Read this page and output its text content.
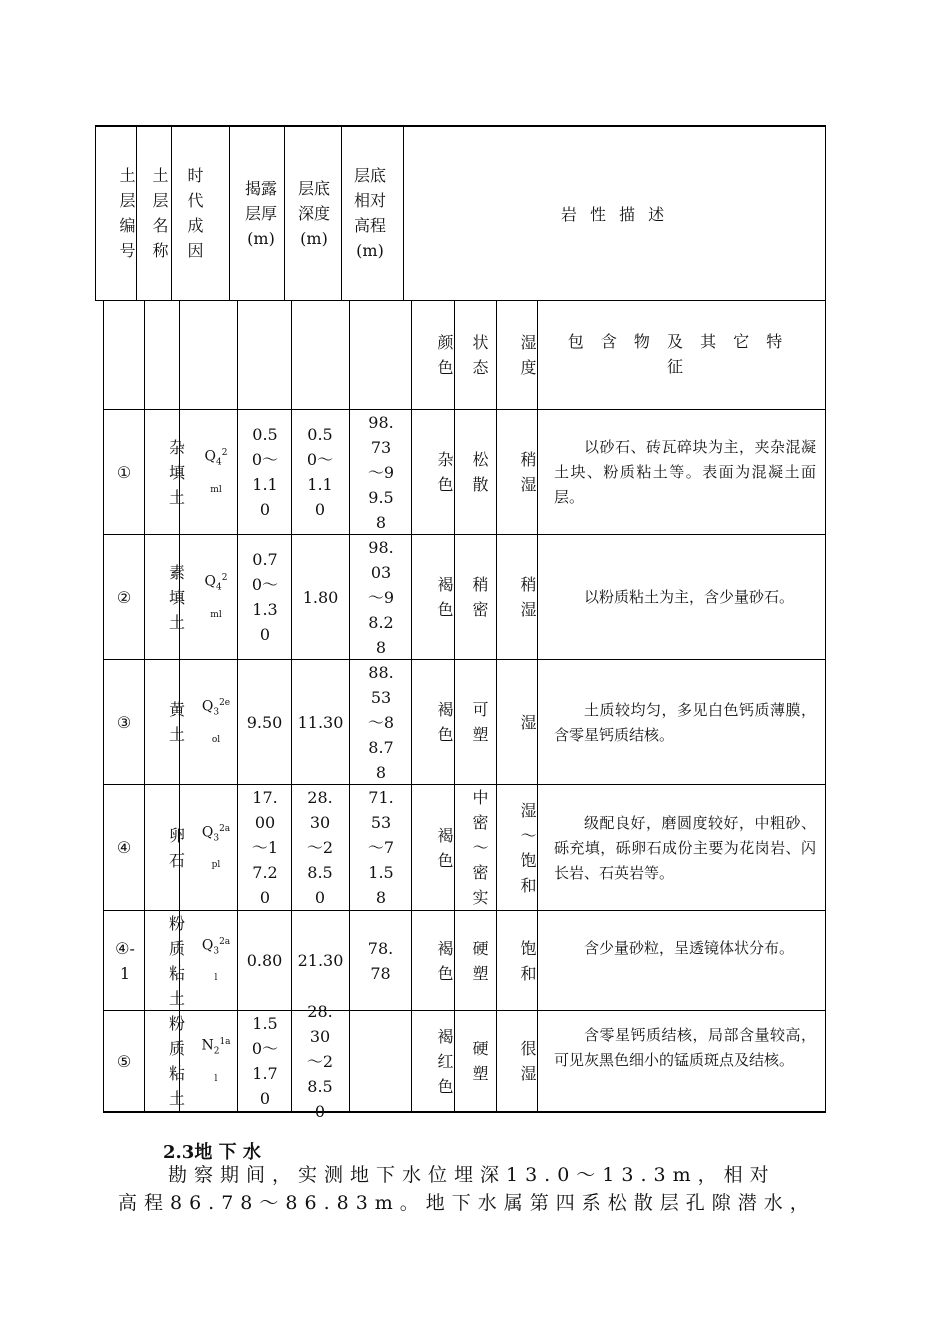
土层编号
土层名称
时代成因
揭露层厚(m)
层底深度(m)
层底相对高程(m)
岩 性 描 述
颜色
状态
湿度
包 含 物 及 其 它 特 征
①
杂填土
$Q_4^2$
ml
0.50～1.10
0.50～1.10
98.73～99.58
杂色
松散
稍湿
以砂石、砖瓦碎块为主，夹杂混凝土块、粉质粘土等。表面为混凝土面层。
②
素填土
$Q_4^2$
ml
0.70～1.30
1.80
98.03～98.28
褐色
稍密
稍湿
以粉质粘土为主，含少量砂石。
③
黄土
$Q_3^{2e}$
ol
9.50 11.30
88.53～88.78
褐色
可塑
湿
土质较均匀，多见白色钙质薄膜，含零星钙质结核。
④
卵石
$Q_3^{2a}$
pl
17.00～17.20
28.30～28.50
71.53～71.58
褐色
中密～密实
湿～饱和
级配良好，磨圆度较好，中粗砂、砾充填，砾卵石成份主要为花岗岩、闪长岩、石英岩等。
④-1
粉质粘土
$Q_3^{2a}$
l
0.80 21.30
78.78
褐色
硬塑
饱和
含少量砂粒，呈透镜体状分布。
⑤
粉质粘土
$N_2^{1a}$
l
1.50～1.70
28.30～28.50
褐红色
硬塑
很湿
含零星钙质结核，局部含量较高，可见灰黑色细小的锰质斑点及结核。
2.3地 下 水
勘察期间，实测地下水位埋深13.0～13.3m，相对
高程86.78～86.83m。地下水属第四系松散层孔隙潜水，
